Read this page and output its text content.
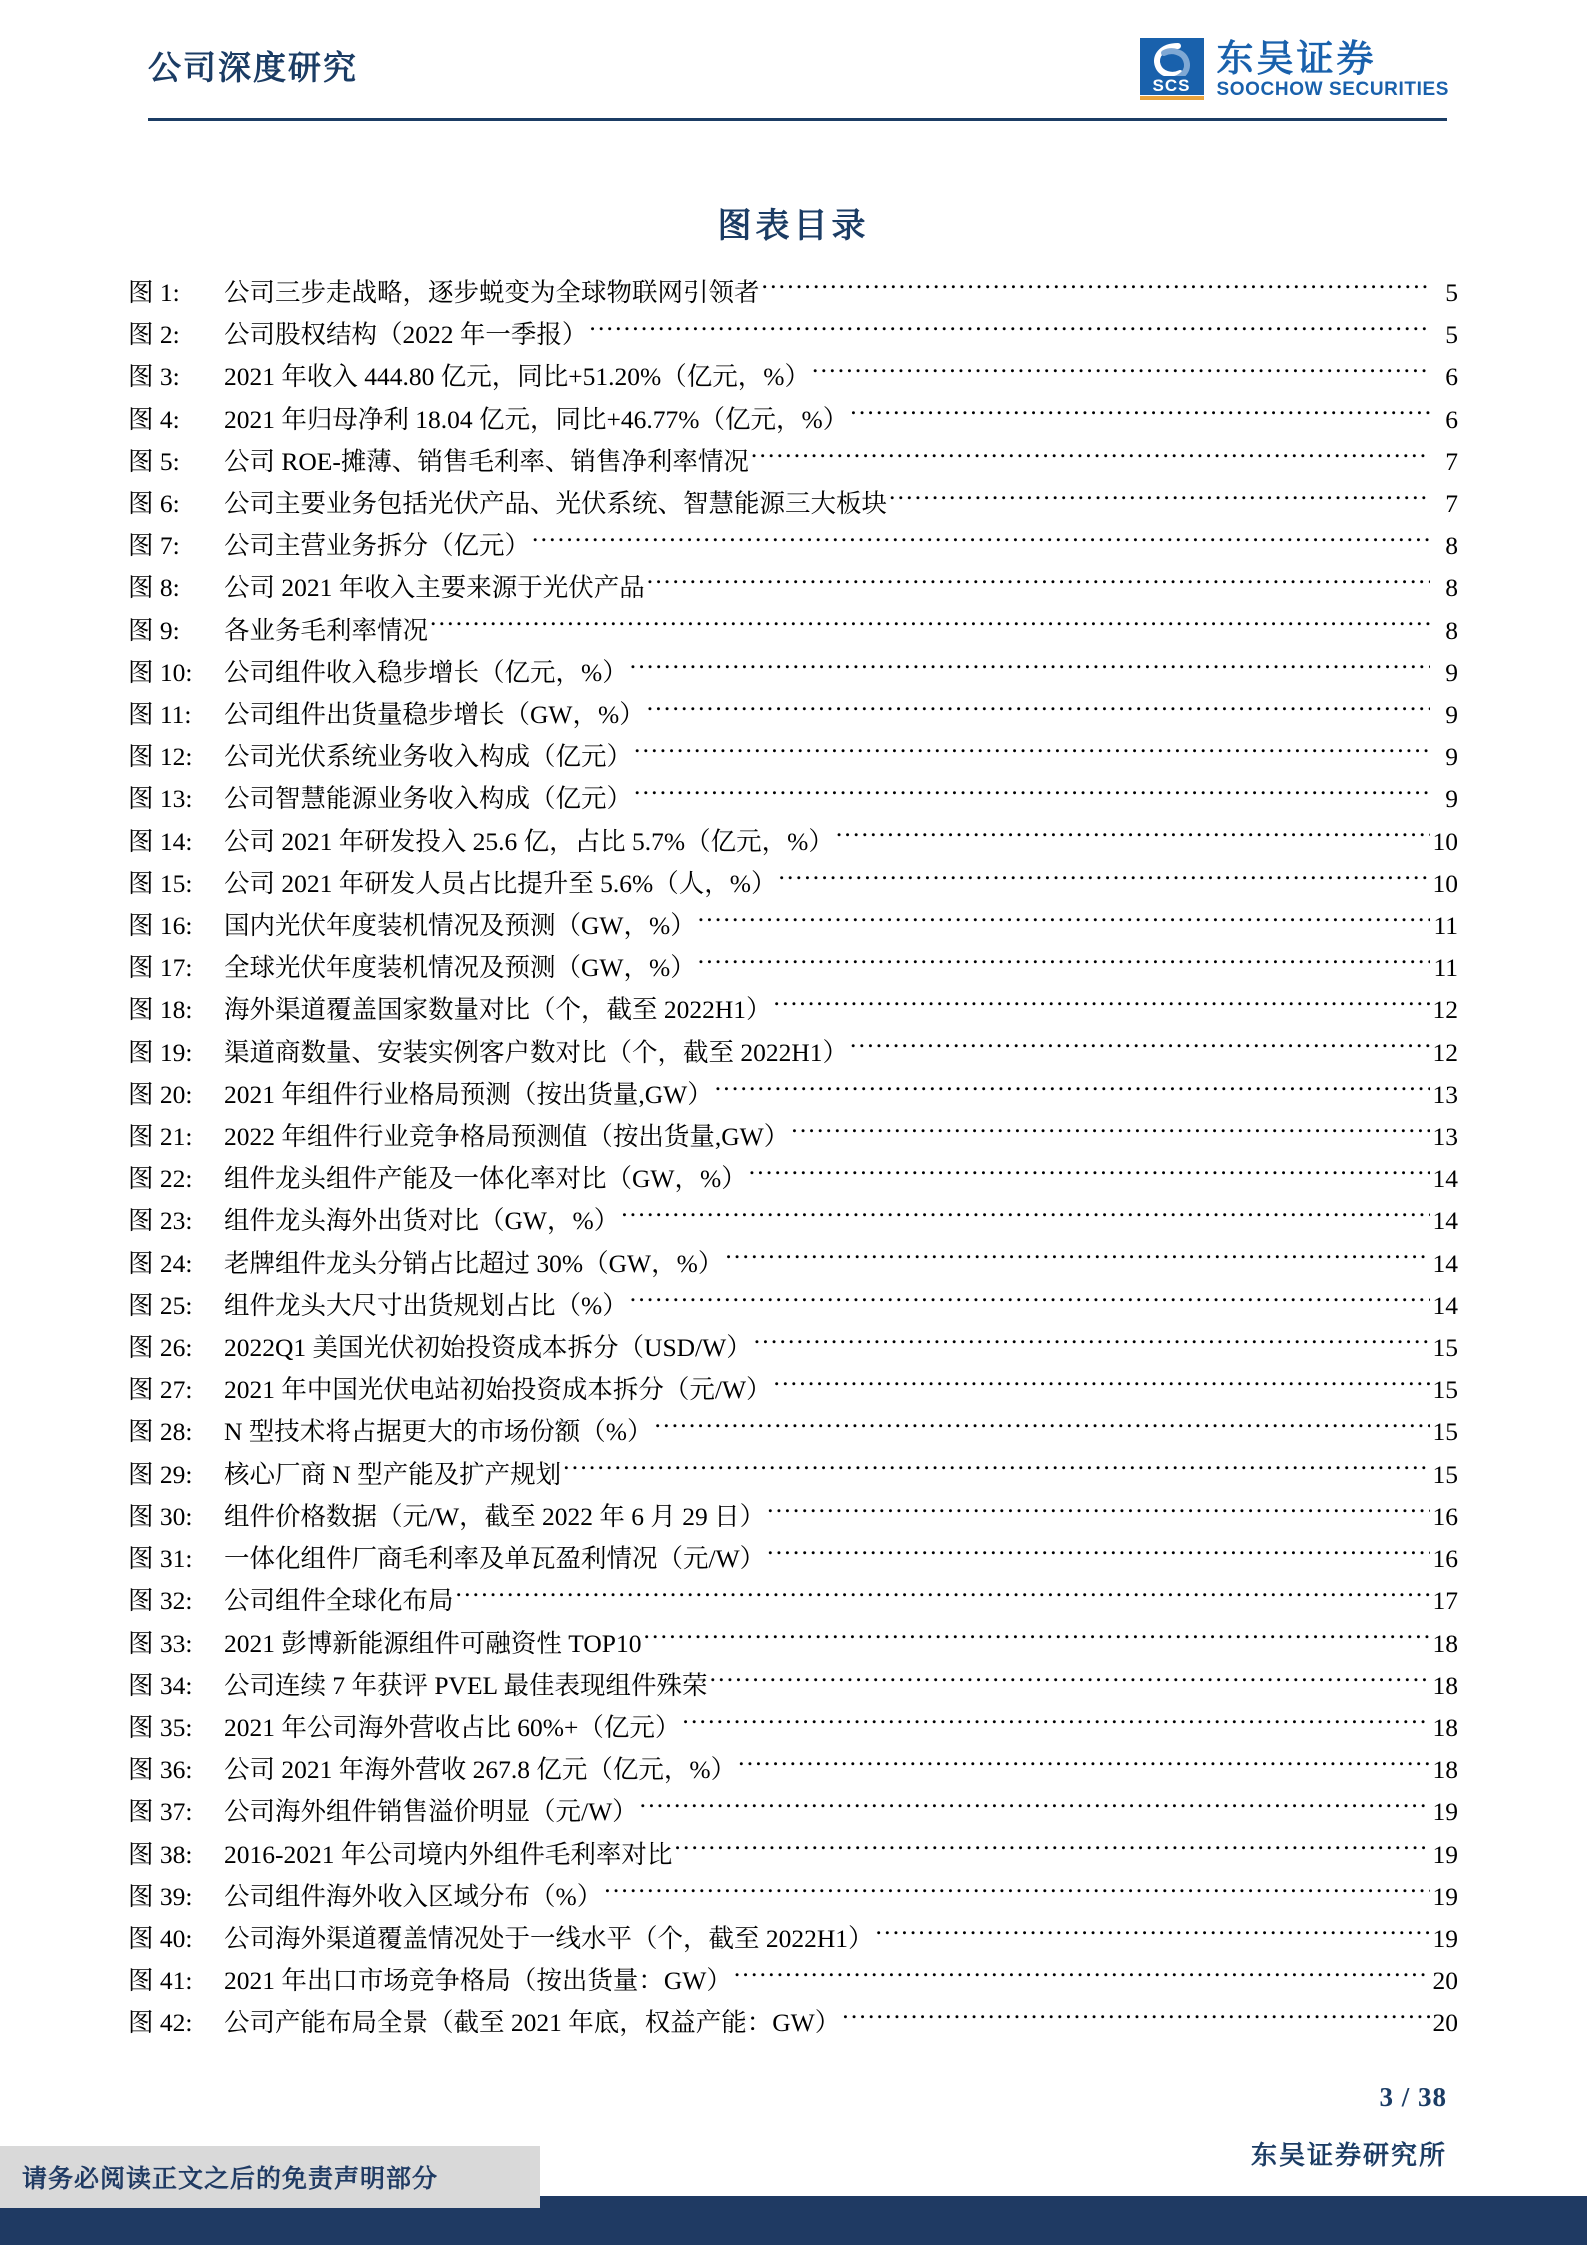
公司深度研究	SCS
东吴证券
SOOCHOW SECURITIES
图表目录
图 1:	公司三步走战略，逐步蜕变为全球物联网引领者 .....	5
图 2:	公司股权结构（2022 年一季报） .....	5
图 3:	2021 年收入 444.80 亿元，同比+51.20%（亿元，%） .....	6
图 4:	2021 年归母净利 18.04 亿元，同比+46.77%（亿元，%） .....	6
图 5:	公司 ROE-摊薄、销售毛利率、销售净利率情况 .....	7
图 6:	公司主要业务包括光伏产品、光伏系统、智慧能源三大板块 .....	7
图 7:	公司主营业务拆分（亿元） .....	8
图 8:	公司 2021 年收入主要来源于光伏产品 .....	8
图 9:	各业务毛利率情况 .....	8
图 10:	公司组件收入稳步增长（亿元，%） .....	9
图 11:	公司组件出货量稳步增长（GW，%） .....	9
图 12:	公司光伏系统业务收入构成（亿元） .....	9
图 13:	公司智慧能源业务收入构成（亿元） .....	9
图 14:	公司 2021 年研发投入 25.6 亿，占比 5.7%（亿元，%） .....	10
图 15:	公司 2021 年研发人员占比提升至 5.6%（人，%） .....	10
图 16:	国内光伏年度装机情况及预测（GW，%） .....	11
图 17:	全球光伏年度装机情况及预测（GW，%） .....	11
图 18:	海外渠道覆盖国家数量对比（个，截至 2022H1） .....	12
图 19:	渠道商数量、安装实例客户数对比（个，截至 2022H1） .....	12
图 20:	2021 年组件行业格局预测（按出货量,GW） .....	13
图 21:	2022 年组件行业竞争格局预测值（按出货量,GW） .....	13
图 22:	组件龙头组件产能及一体化率对比（GW，%） .....	14
图 23:	组件龙头海外出货对比（GW，%） .....	14
图 24:	老牌组件龙头分销占比超过 30%（GW，%） .....	14
图 25:	组件龙头大尺寸出货规划占比（%） .....	14
图 26:	2022Q1 美国光伏初始投资成本拆分（USD/W） .....	15
图 27:	2021 年中国光伏电站初始投资成本拆分（元/W） .....	15
图 28:	N 型技术将占据更大的市场份额（%） .....	15
图 29:	核心厂商 N 型产能及扩产规划 .....	15
图 30:	组件价格数据（元/W，截至 2022 年 6 月 29 日） .....	16
图 31:	一体化组件厂商毛利率及单瓦盈利情况（元/W） .....	16
图 32:	公司组件全球化布局 .....	17
图 33:	2021 彭博新能源组件可融资性 TOP10 .....	18
图 34:	公司连续 7 年获评 PVEL 最佳表现组件殊荣 .....	18
图 35:	2021 年公司海外营收占比 60%+（亿元） .....	18
图 36:	公司 2021 年海外营收 267.8 亿元（亿元，%） .....	18
图 37:	公司海外组件销售溢价明显（元/W） .....	19
图 38:	2016-2021 年公司境内外组件毛利率对比 .....	19
图 39:	公司组件海外收入区域分布（%） .....	19
图 40:	公司海外渠道覆盖情况处于一线水平（个，截至 2022H1） .....	19
图 41:	2021 年出口市场竞争格局（按出货量：GW） .....	20
图 42:	公司产能布局全景（截至 2021 年底，权益产能：GW） .....	20
3 / 38
东吴证券研究所
请务必阅读正文之后的免责声明部分
